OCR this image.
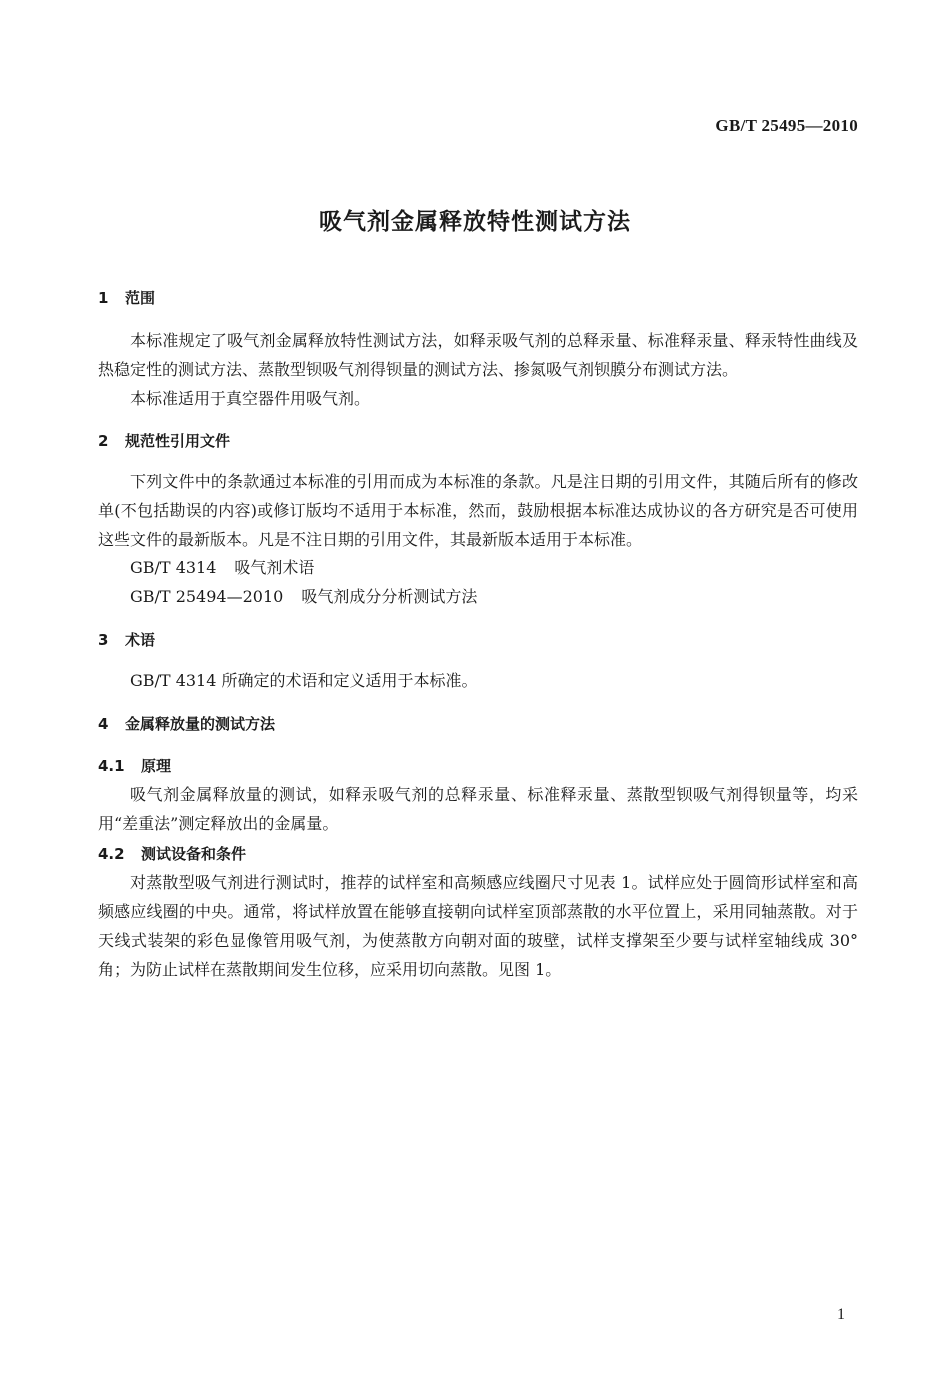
GB/T 25495—2010
吸气剂金属释放特性测试方法
1 范围
本标准规定了吸气剂金属释放特性测试方法，如释汞吸气剂的总释汞量、标准释汞量、释汞特性曲线及热稳定性的测试方法、蒸散型钡吸气剂得钡量的测试方法、掺氮吸气剂钡膜分布测试方法。
本标准适用于真空器件用吸气剂。
2 规范性引用文件
下列文件中的条款通过本标准的引用而成为本标准的条款。凡是注日期的引用文件，其随后所有的修改单(不包括勘误的内容)或修订版均不适用于本标准，然而，鼓励根据本标准达成协议的各方研究是否可使用这些文件的最新版本。凡是不注日期的引用文件，其最新版本适用于本标准。
GB/T 4314 吸气剂术语
GB/T 25494—2010 吸气剂成分分析测试方法
3 术语
GB/T 4314 所确定的术语和定义适用于本标准。
4 金属释放量的测试方法
4.1 原理
吸气剂金属释放量的测试，如释汞吸气剂的总释汞量、标准释汞量、蒸散型钡吸气剂得钡量等，均采用“差重法”测定释放出的金属量。
4.2 测试设备和条件
对蒸散型吸气剂进行测试时，推荐的试样室和高频感应线圈尺寸见表 1。试样应处于圆筒形试样室和高频感应线圈的中央。通常，将试样放置在能够直接朝向试样室顶部蒸散的水平位置上，采用同轴蒸散。对于天线式装架的彩色显像管用吸气剂，为使蒸散方向朝对面的玻壁，试样支撑架至少要与试样室轴线成 30°角；为防止试样在蒸散期间发生位移，应采用切向蒸散。见图 1。
1
